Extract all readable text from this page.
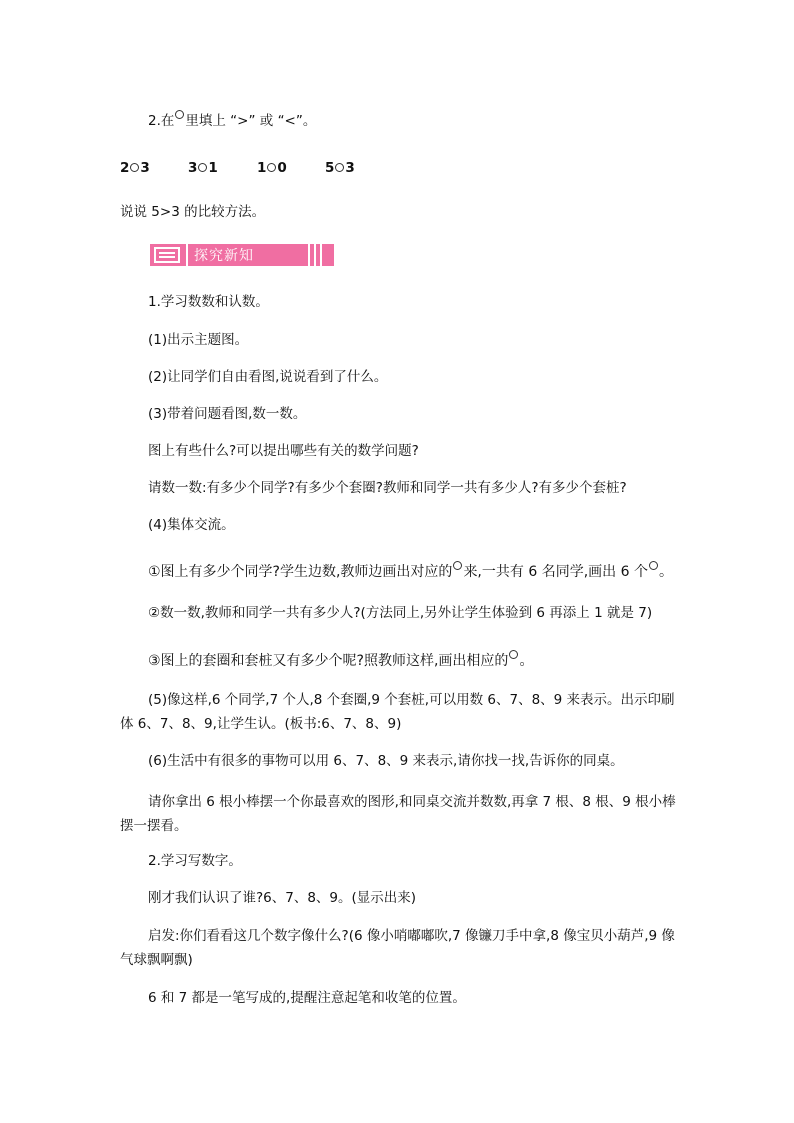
2.在 里填上 “>” 或 “<”。
2 3	3 1	1 0	5 3
说说 5>3 的比较方法。
探究新知
1.学习数数和认数。
(1)出示主题图。
(2)让同学们自由看图,说说看到了什么。
(3)带着问题看图,数一数。
图上有些什么?可以提出哪些有关的数学问题?
请数一数:有多少个同学?有多少个套圈?教师和同学一共有多少人?有多少个套桩?
(4)集体交流。
①图上有多少个同学?学生边数,教师边画出对应的 来,一共有 6 名同学,画出 6 个 。
②数一数,教师和同学一共有多少人?(方法同上,另外让学生体验到 6 再添上 1 就是 7)
③图上的套圈和套桩又有多少个呢?照教师这样,画出相应的 。
(5)像这样,6 个同学,7 个人,8 个套圈,9 个套桩,可以用数 6、7、8、9 来表示。出示印刷体 6、7、8、9,让学生认。(板书:6、7、8、9)
(6)生活中有很多的事物可以用 6、7、8、9 来表示,请你找一找,告诉你的同桌。
请你拿出 6 根小棒摆一个你最喜欢的图形,和同桌交流并数数,再拿 7 根、8 根、9 根小棒摆一摆看。
2.学习写数字。
刚才我们认识了谁?6、7、8、9。(显示出来)
启发:你们看看这几个数字像什么?(6 像小哨嘟嘟吹,7 像镰刀手中拿,8 像宝贝小葫芦,9 像气球飘啊飘)
6 和 7 都是一笔写成的,提醒注意起笔和收笔的位置。
